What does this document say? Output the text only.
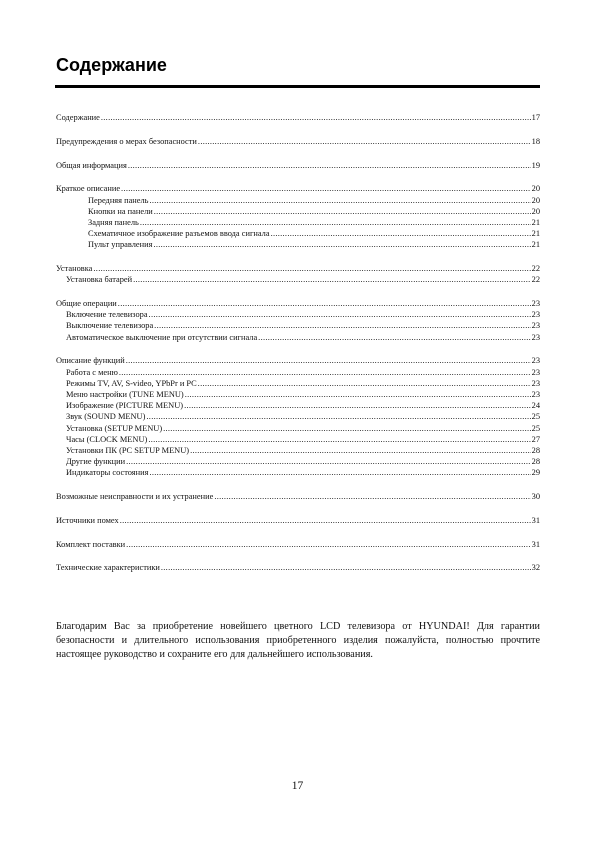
Содержание
Содержание .....	17
Предупреждения о мерах безопасности .....	18
Общая информация .....	19
Краткое описание .....	20
Передняя панель .....	20
Кнопки на панели .....	20
Задняя панель .....	21
Схематичное изображение разъемов ввода сигнала .....	21
Пульт управления .....	21
Установка .....	22
Установка батарей .....	22
Общие операции .....	23
Включение телевизора .....	23
Выключение телевизора .....	23
Автоматическое выключение при отсутствии сигнала .....	23
Описание функций .....	23
Работа с меню .....	23
Режимы TV, AV, S-video, YPbPr и PC .....	23
Меню настройки (TUNE MENU) .....	23
Изображение (PICTURE MENU) .....	24
Звук (SOUND MENU) .....	25
Установка (SETUP MENU) .....	25
Часы (CLOCK MENU) .....	27
Установки ПК (PC SETUP MENU) .....	28
Другие функции .....	28
Индикаторы состояния .....	29
Возможные неисправности и их устранение .....	30
Источники помех .....	31
Комплект поставки .....	31
Технические характеристики .....	32
Благодарим Вас за приобретение новейшего цветного LCD телевизора от HYUNDAI! Для гарантии безопасности и длительного использования приобретенного изделия пожалуйста, полностью прочтите настоящее руководство и сохраните его для дальнейшего использования.
17
